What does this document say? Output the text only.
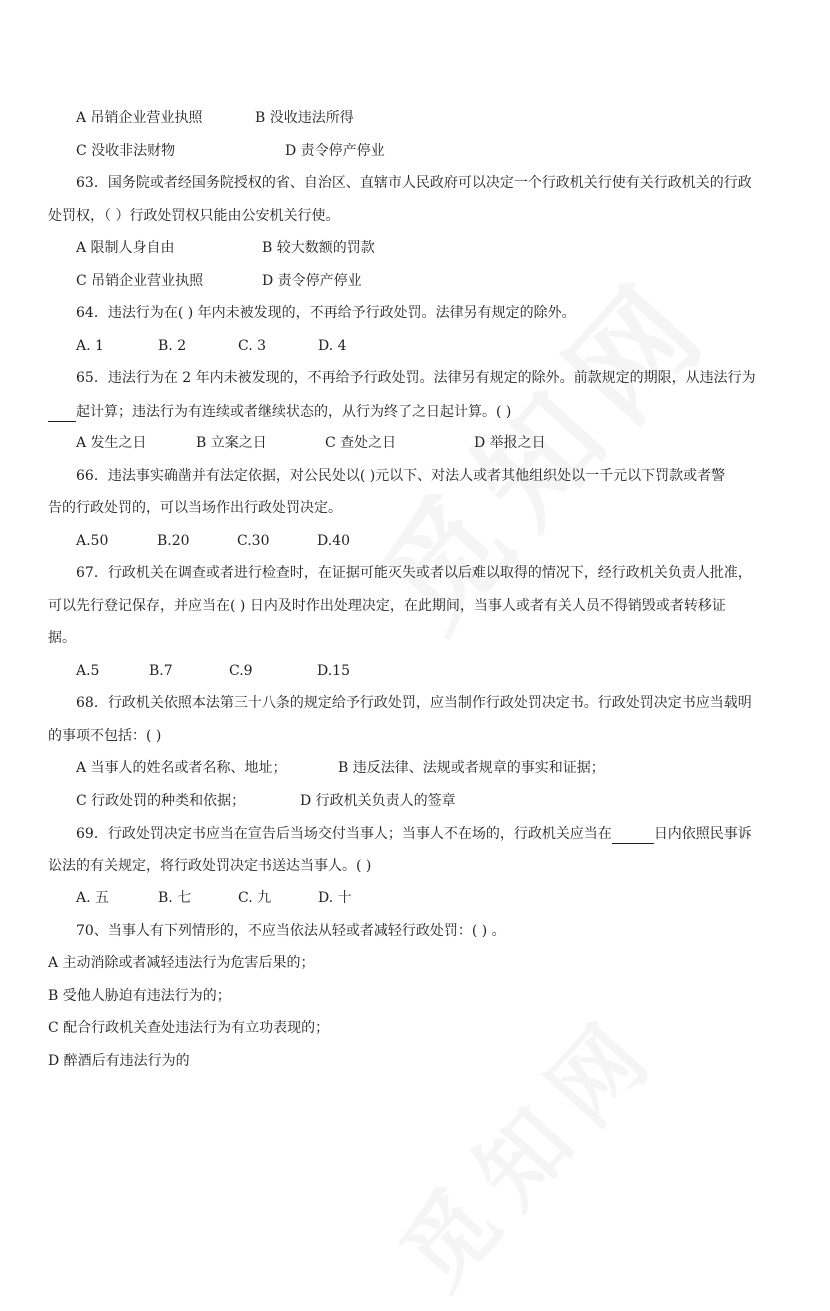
A 吊销企业营业执照	B 没收违法所得
C 没收非法财物	D 责令停产停业
63．国务院或者经国务院授权的省、自治区、直辖市人民政府可以决定一个行政机关行使有关行政机关的行政
处罚权，（ ）行政处罚权只能由公安机关行使。
A 限制人身自由	B 较大数额的罚款
C 吊销企业营业执照	D 责令停产停业
64．违法行为在( ) 年内未被发现的，不再给予行政处罚。法律另有规定的除外。
A. 1	B. 2	C. 3	D. 4
65．违法行为在 2 年内未被发现的，不再给予行政处罚。法律另有规定的除外。前款规定的期限，从违法行为
起计算；违法行为有连续或者继续状态的，从行为终了之日起计算。( )
A 发生之日	B 立案之日	C 查处之日	D 举报之日
66．违法事实确凿并有法定依据，对公民处以( )元以下、对法人或者其他组织处以一千元以下罚款或者警
告的行政处罚的，可以当场作出行政处罚决定。
A.50	B.20	C.30	D.40
67．行政机关在调查或者进行检查时，在证据可能灭失或者以后难以取得的情况下，经行政机关负责人批准，
可以先行登记保存，并应当在( ) 日内及时作出处理决定，在此期间，当事人或者有关人员不得销毁或者转移证
据。
A.5	B.7	C.9	D.15
68．行政机关依照本法第三十八条的规定给予行政处罚，应当制作行政处罚决定书。行政处罚决定书应当载明
的事项不包括：( )
A 当事人的姓名或者名称、地址；	B 违反法律、法规或者规章的事实和证据；
C 行政处罚的种类和依据；	D 行政机关负责人的签章
69．行政处罚决定书应当在宣告后当场交付当事人；当事人不在场的，行政机关应当在	日内依照民事诉
讼法的有关规定，将行政处罚决定书送达当事人。( )
A. 五	B. 七	C. 九	D. 十
70、当事人有下列情形的，不应当依法从轻或者减轻行政处罚：( ) 。
A 主动消除或者减轻违法行为危害后果的；
B 受他人胁迫有违法行为的；
C 配合行政机关查处违法行为有立功表现的；
D 醉酒后有违法行为的
